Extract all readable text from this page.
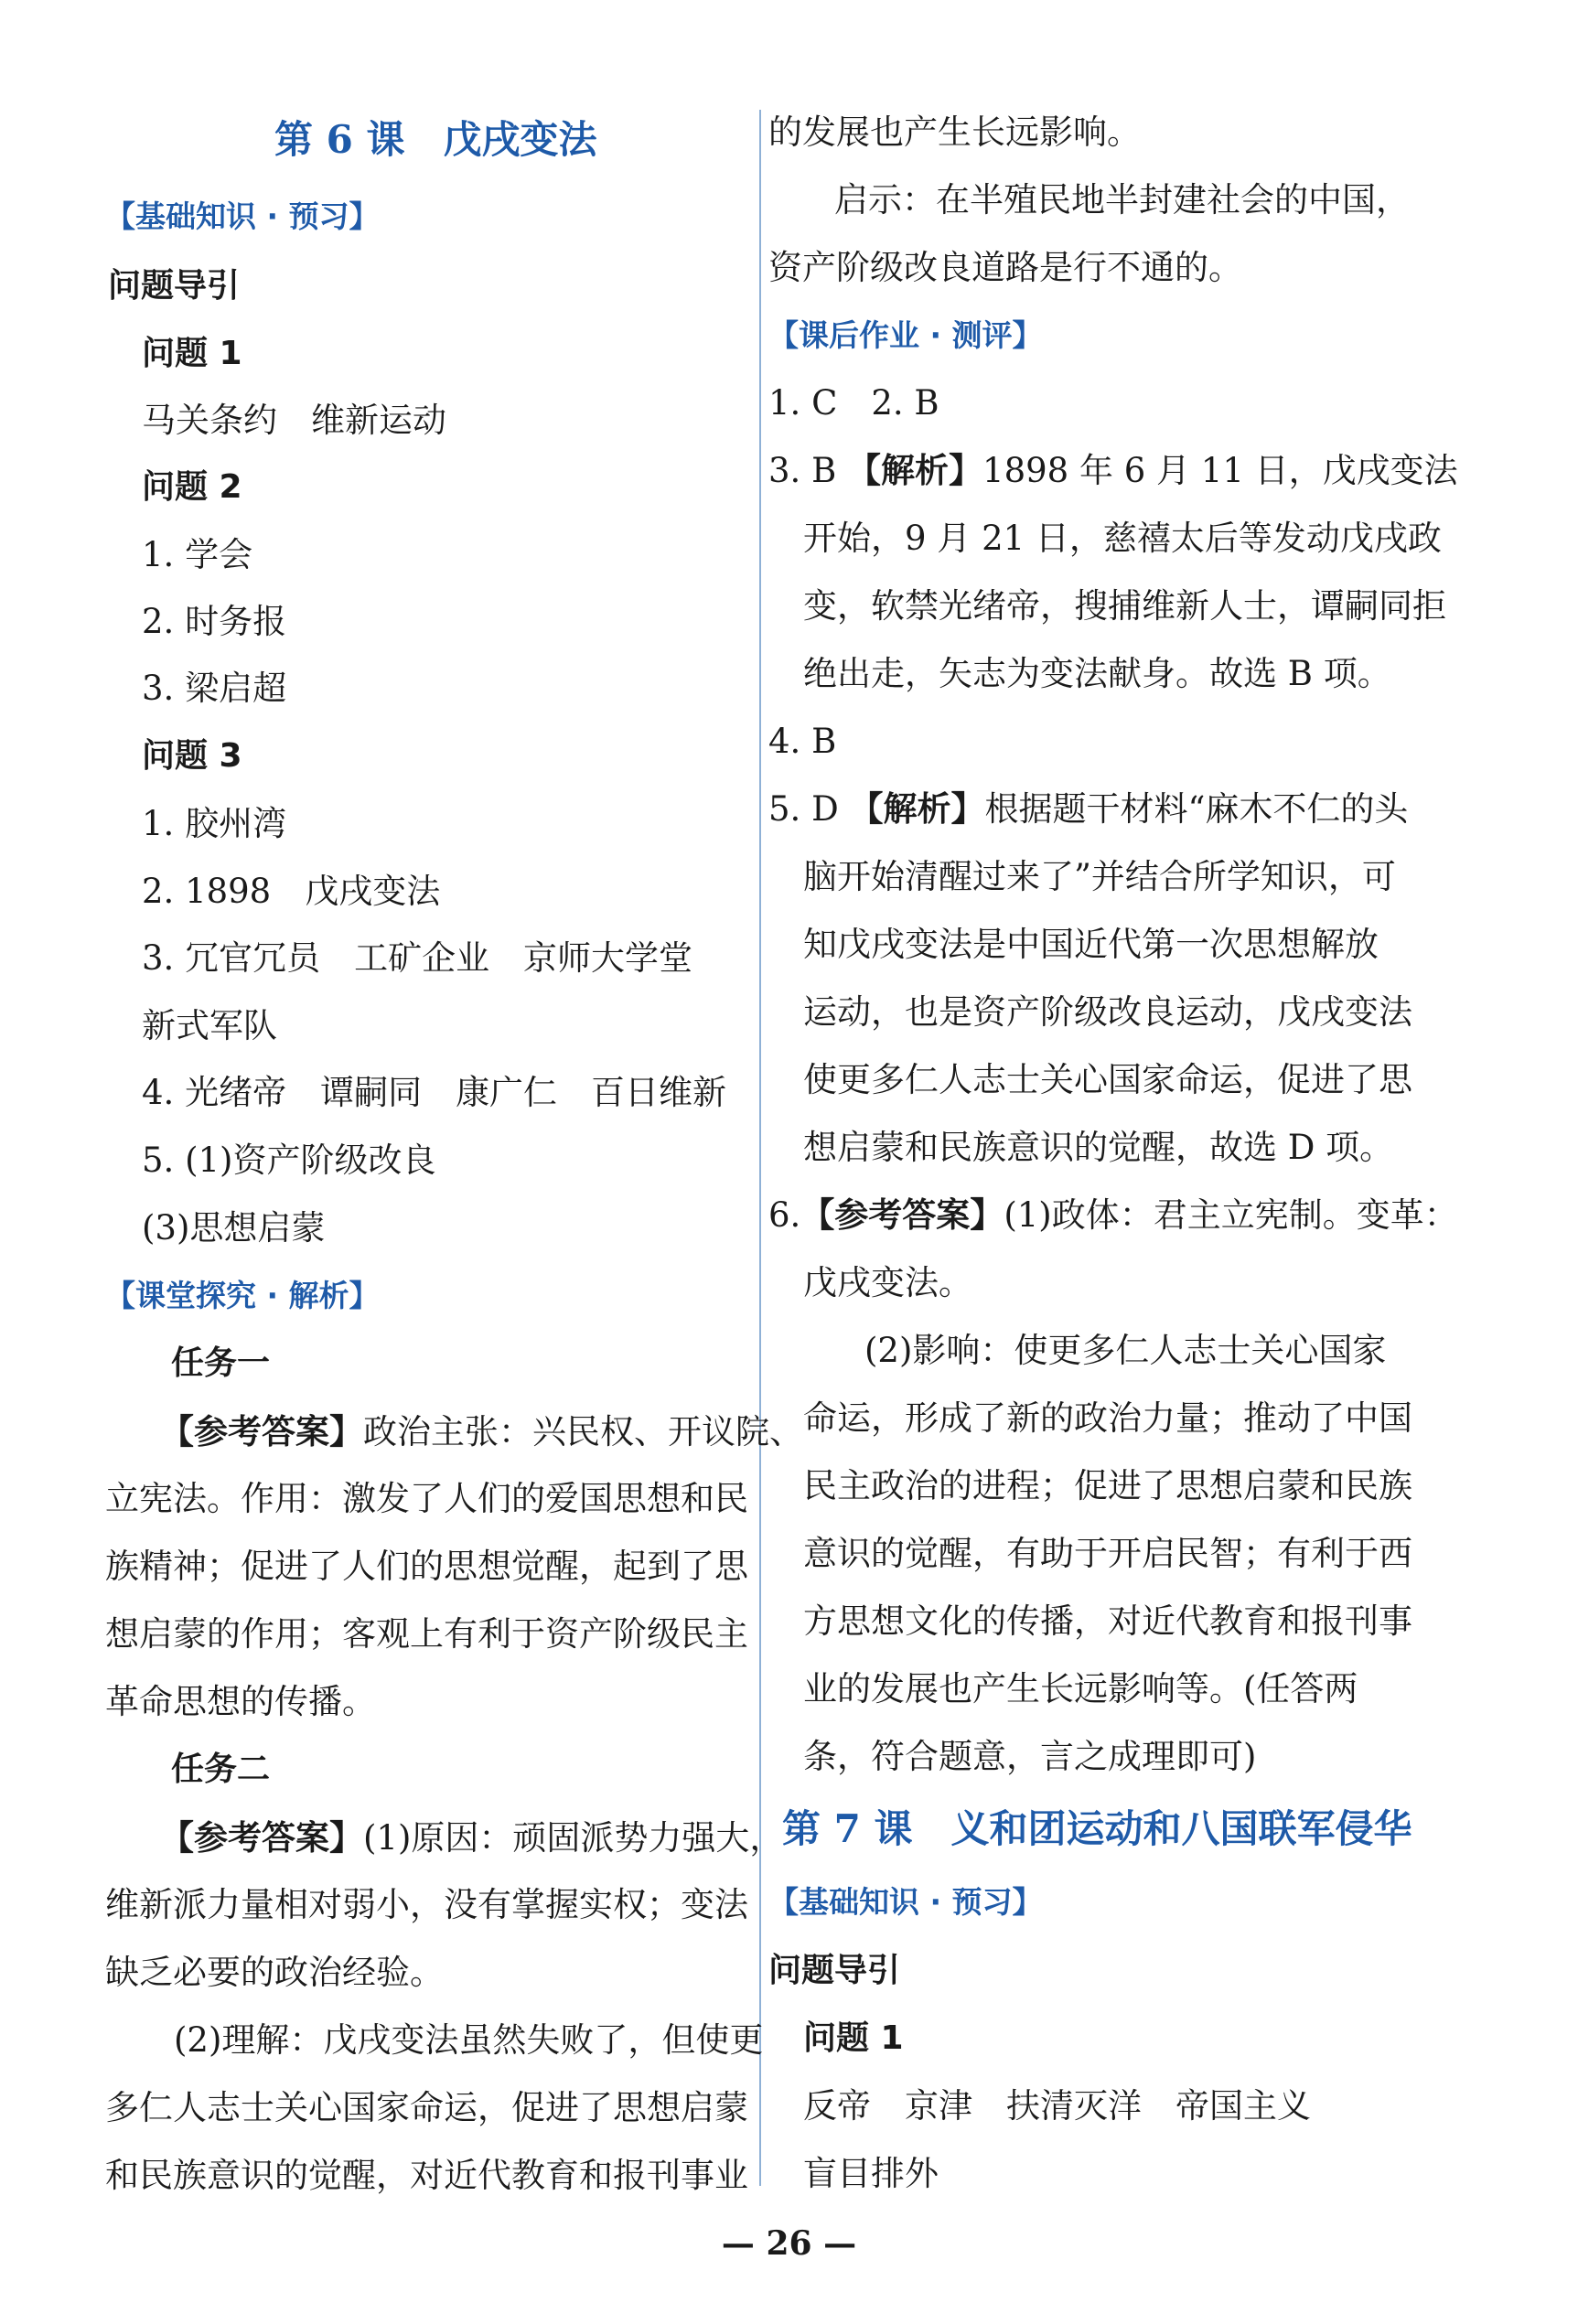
第 6 课　戊戌变法
【基础知识 · 预习】
问题导引
问题 1
马关条约　维新运动
问题 2
1. 学会
2. 时务报
3. 梁启超
问题 3
1. 胶州湾
2. 1898　戊戌变法
3. 冗官冗员　工矿企业　京师大学堂
新式军队
4. 光绪帝　谭嗣同　康广仁　百日维新
5. (1)资产阶级改良
(3)思想启蒙
【课堂探究 · 解析】
任务一
【参考答案】政治主张：兴民权、开议院、
立宪法。作用：激发了人们的爱国思想和民
族精神；促进了人们的思想觉醒，起到了思
想启蒙的作用；客观上有利于资产阶级民主
革命思想的传播。
任务二
【参考答案】(1)原因：顽固派势力强大，
维新派力量相对弱小，没有掌握实权；变法
缺乏必要的政治经验。
(2)理解：戊戌变法虽然失败了，但使更
多仁人志士关心国家命运，促进了思想启蒙
和民族意识的觉醒，对近代教育和报刊事业
的发展也产生长远影响。
启示：在半殖民地半封建社会的中国，
资产阶级改良道路是行不通的。
【课后作业 · 测评】
1. C　2. B
3. B 【解析】1898 年 6 月 11 日，戊戌变法
开始，9 月 21 日，慈禧太后等发动戊戌政
变，软禁光绪帝，搜捕维新人士，谭嗣同拒
绝出走，矢志为变法献身。故选 B 项。
4. B
5. D 【解析】根据题干材料“麻木不仁的头
脑开始清醒过来了”并结合所学知识，可
知戊戌变法是中国近代第一次思想解放
运动，也是资产阶级改良运动，戊戌变法
使更多仁人志士关心国家命运，促进了思
想启蒙和民族意识的觉醒，故选 D 项。
6.【参考答案】(1)政体：君主立宪制。变革：
戊戌变法。
(2)影响：使更多仁人志士关心国家
命运，形成了新的政治力量；推动了中国
民主政治的进程；促进了思想启蒙和民族
意识的觉醒，有助于开启民智；有利于西
方思想文化的传播，对近代教育和报刊事
业的发展也产生长远影响等。(任答两
条，符合题意，言之成理即可)
第 7 课　义和团运动和八国联军侵华
【基础知识 · 预习】
问题导引
问题 1
反帝　京津　扶清灭洋　帝国主义
盲目排外
— 26 —
